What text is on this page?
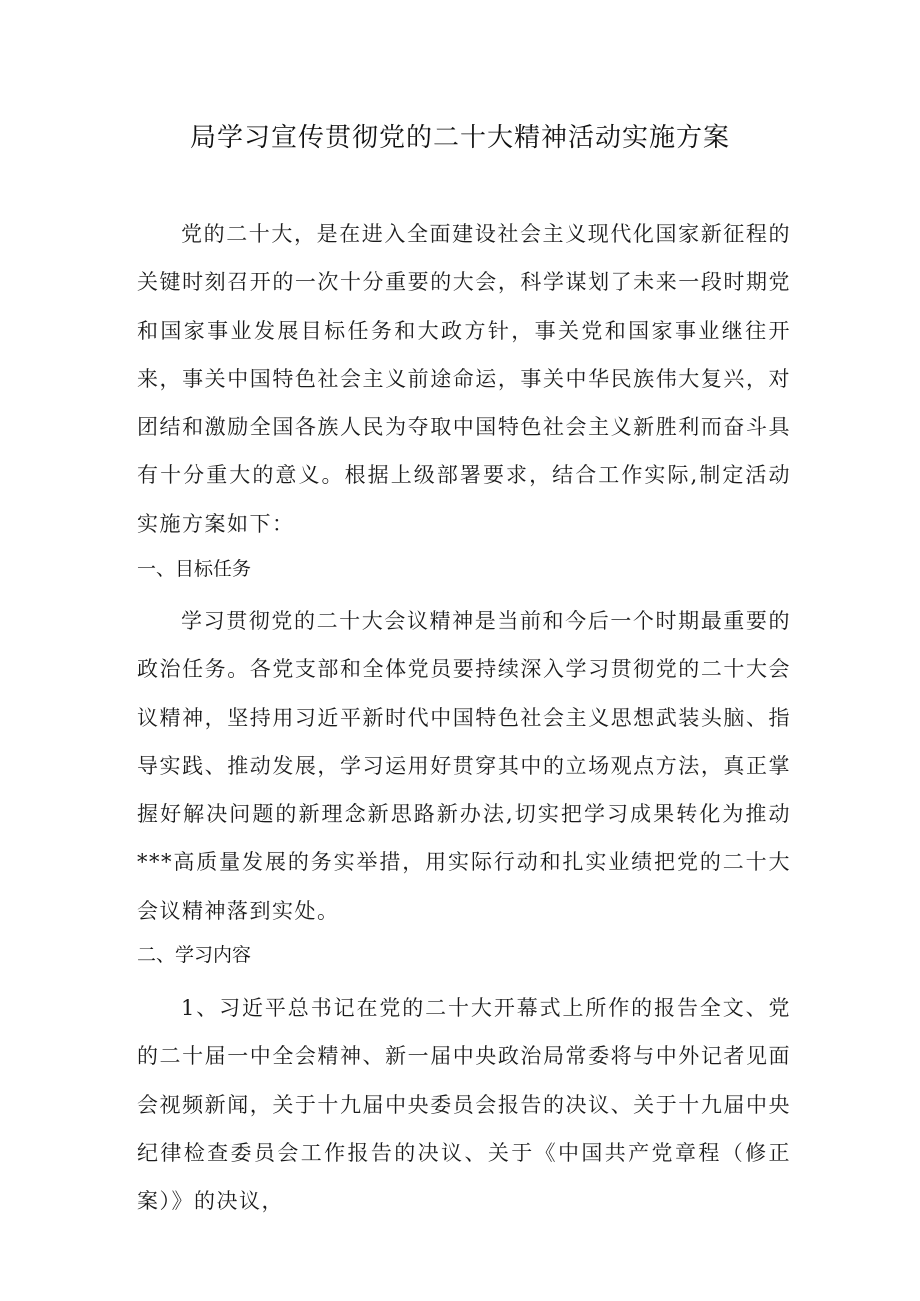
局学习宣传贯彻党的二十大精神活动实施方案
党的二十大，是在进入全面建设社会主义现代化国家新征程的关键时刻召开的一次十分重要的大会，科学谋划了未来一段时期党和国家事业发展目标任务和大政方针，事关党和国家事业继往开来，事关中国特色社会主义前途命运，事关中华民族伟大复兴，对团结和激励全国各族人民为夺取中国特色社会主义新胜利而奋斗具有十分重大的意义。根据上级部署要求，结合工作实际,制定活动实施方案如下：
一、目标任务
学习贯彻党的二十大会议精神是当前和今后一个时期最重要的政治任务。各党支部和全体党员要持续深入学习贯彻党的二十大会议精神，坚持用习近平新时代中国特色社会主义思想武装头脑、指导实践、推动发展，学习运用好贯穿其中的立场观点方法，真正掌握好解决问题的新理念新思路新办法,切实把学习成果转化为推动***高质量发展的务实举措，用实际行动和扎实业绩把党的二十大会议精神落到实处。
二、学习内容
1、习近平总书记在党的二十大开幕式上所作的报告全文、党的二十届一中全会精神、新一届中央政治局常委将与中外记者见面会视频新闻，关于十九届中央委员会报告的决议、关于十九届中央纪律检查委员会工作报告的决议、关于《中国共产党章程（修正案）》的决议，
